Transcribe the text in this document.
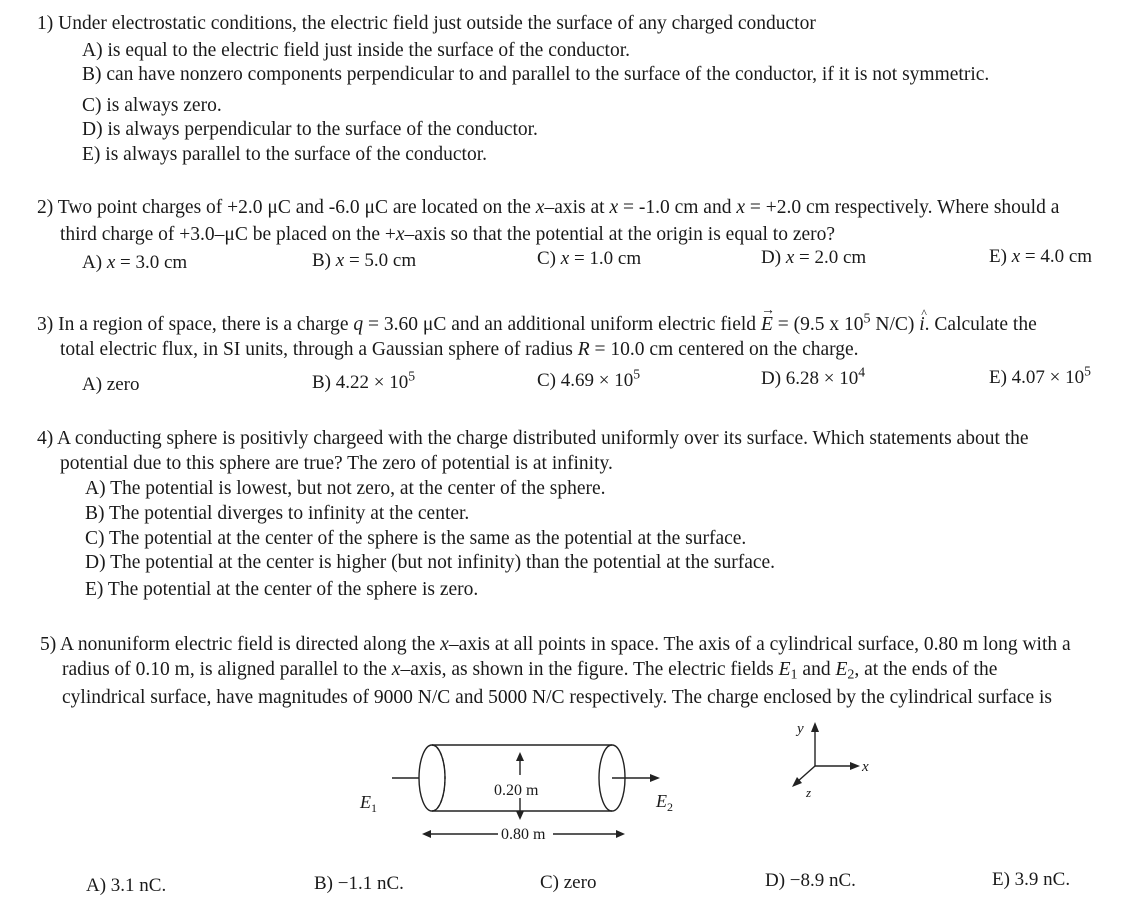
1) Under electrostatic conditions, the electric field just outside the surface of any charged conductor
A) is equal to the electric field just inside the surface of the conductor.
B) can have nonzero components perpendicular to and parallel to the surface of the conductor, if it is not symmetric.
C) is always zero.
D) is always perpendicular to the surface of the conductor.
E) is always parallel to the surface of the conductor.
2) Two point charges of +2.0 μC and -6.0 μC are located on the x–axis at x = -1.0 cm and x = +2.0 cm respectively. Where should a
third charge of +3.0–μC be placed on the +x–axis so that the potential at the origin is equal to zero?
A) x = 3.0 cm	B) x = 5.0 cm	C) x = 1.0 cm	D) x = 2.0 cm	E) x = 4.0 cm
3) In a region of space, there is a charge q = 3.60 μC and an additional uniform electric field
→
E = (9.5 x $10^5$ N/C)
^
i. Calculate the
total electric flux, in SI units, through a Gaussian sphere of radius R = 10.0 cm centered on the charge.
A) zero	B) $4.22 \times 10^5$	C) $4.69 \times 10^5$	D) $6.28 \times 10^4$	E) $4.07 \times 10^5$
4) A conducting sphere is positivly chargeed with the charge distributed uniformly over its surface. Which statements about the
potential due to this sphere are true? The zero of potential is at infinity.
A) The potential is lowest, but not zero, at the center of the sphere.
B) The potential diverges to infinity at the center.
C) The potential at the center of the sphere is the same as the potential at the surface.
D) The potential at the center is higher (but not infinity) than the potential at the surface.
E) The potential at the center of the sphere is zero.
5) A nonuniform electric field is directed along the x–axis at all points in space. The axis of a cylindrical surface, 0.80 m long with a
radius of 0.10 m, is aligned parallel to the x–axis, as shown in the figure. The electric fields $E_1$ and $E_2$, at the ends of the
cylindrical surface, have magnitudes of 9000 N/C and 5000 N/C respectively. The charge enclosed by the cylindrical surface is
$E_1$	$E_2$
0.20 m
0.80 m
y
x
z
A) 3.1 nC.	B) −1.1 nC.	C) zero	D) −8.9 nC.	E) 3.9 nC.
